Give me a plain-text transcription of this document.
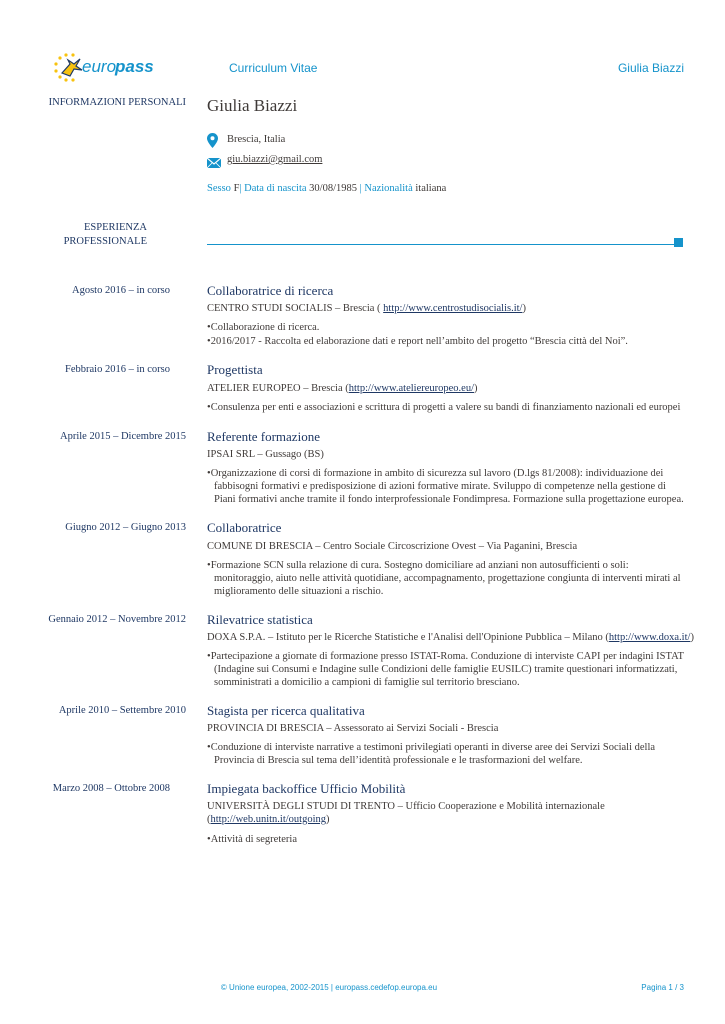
euro
pass	Curriculum Vitae	Giulia Biazzi
INFORMAZIONI PERSONALI Giulia Biazzi
Brescia, Italia
giu.biazzi@gmail.com
Sesso F| Data di nascita 30/08/1985 | Nazionalità italiana
ESPERIENZA
PROFESSIONALE
Agosto 2016 – in corso	Collaboratrice di ricerca
CENTRO STUDI SOCIALIS – Brescia ( http://www.centrostudisocialis.it/)
• Collaborazione di ricerca.
• 2016/2017 - Raccolta ed elaborazione dati e report nell’ambito del progetto “Brescia città del Noi”.
Febbraio 2016 – in corso	Progettista
ATELIER EUROPEO – Brescia (http://www.ateliereuropeo.eu/)
• Consulenza per enti e associazioni e scrittura di progetti a valere su bandi di finanziamento nazionali ed europei
Aprile 2015 – Dicembre 2015 Referente formazione
IPSAI SRL – Gussago (BS)
• Organizzazione di corsi di formazione in ambito di sicurezza sul lavoro (D.lgs 81/2008): individuazione dei fabbisogni formativi e predisposizione di azioni formative mirate. Sviluppo di competenze nella gestione di Piani formativi anche tramite il fondo interprofessionale Fondimpresa. Formazione sulla progettazione europea.
Giugno 2012 – Giugno 2013 Collaboratrice
COMUNE DI BRESCIA – Centro Sociale Circoscrizione Ovest – Via Paganini, Brescia
• Formazione SCN sulla relazione di cura. Sostegno domiciliare ad anziani non autosufficienti o soli: monitoraggio, aiuto nelle attività quotidiane, accompagnamento, progettazione congiunta di interventi mirati al miglioramento delle situazioni a rischio.
Gennaio 2012 – Novembre 2012 Rilevatrice statistica
DOXA S.P.A. – Istituto per le Ricerche Statistiche e l'Analisi dell'Opinione Pubblica – Milano (http://www.doxa.it/)
• Partecipazione a giornate di formazione presso ISTAT-Roma. Conduzione di interviste CAPI per indagini ISTAT (Indagine sui Consumi e Indagine sulle Condizioni delle famiglie EUSILC) tramite questionari informatizzati, somministrati a domicilio a campioni di famiglie sul territorio bresciano.
Aprile 2010 – Settembre 2010 Stagista per ricerca qualitativa
PROVINCIA DI BRESCIA – Assessorato ai Servizi Sociali - Brescia
• Conduzione di interviste narrative a testimoni privilegiati operanti in diverse aree dei Servizi Sociali della Provincia di Brescia sul tema dell’identità professionale e le trasformazioni del welfare.
Marzo 2008 – Ottobre 2008	Impiegata backoffice Ufficio Mobilità
UNIVERSITÀ DEGLI STUDI DI TRENTO – Ufficio Cooperazione e Mobilità internazionale
(http://web.unitn.it/outgoing)
• Attività di segreteria
© Unione europea, 2002-2015 | europass.cedefop.europa.eu	Pagina 1 / 3
